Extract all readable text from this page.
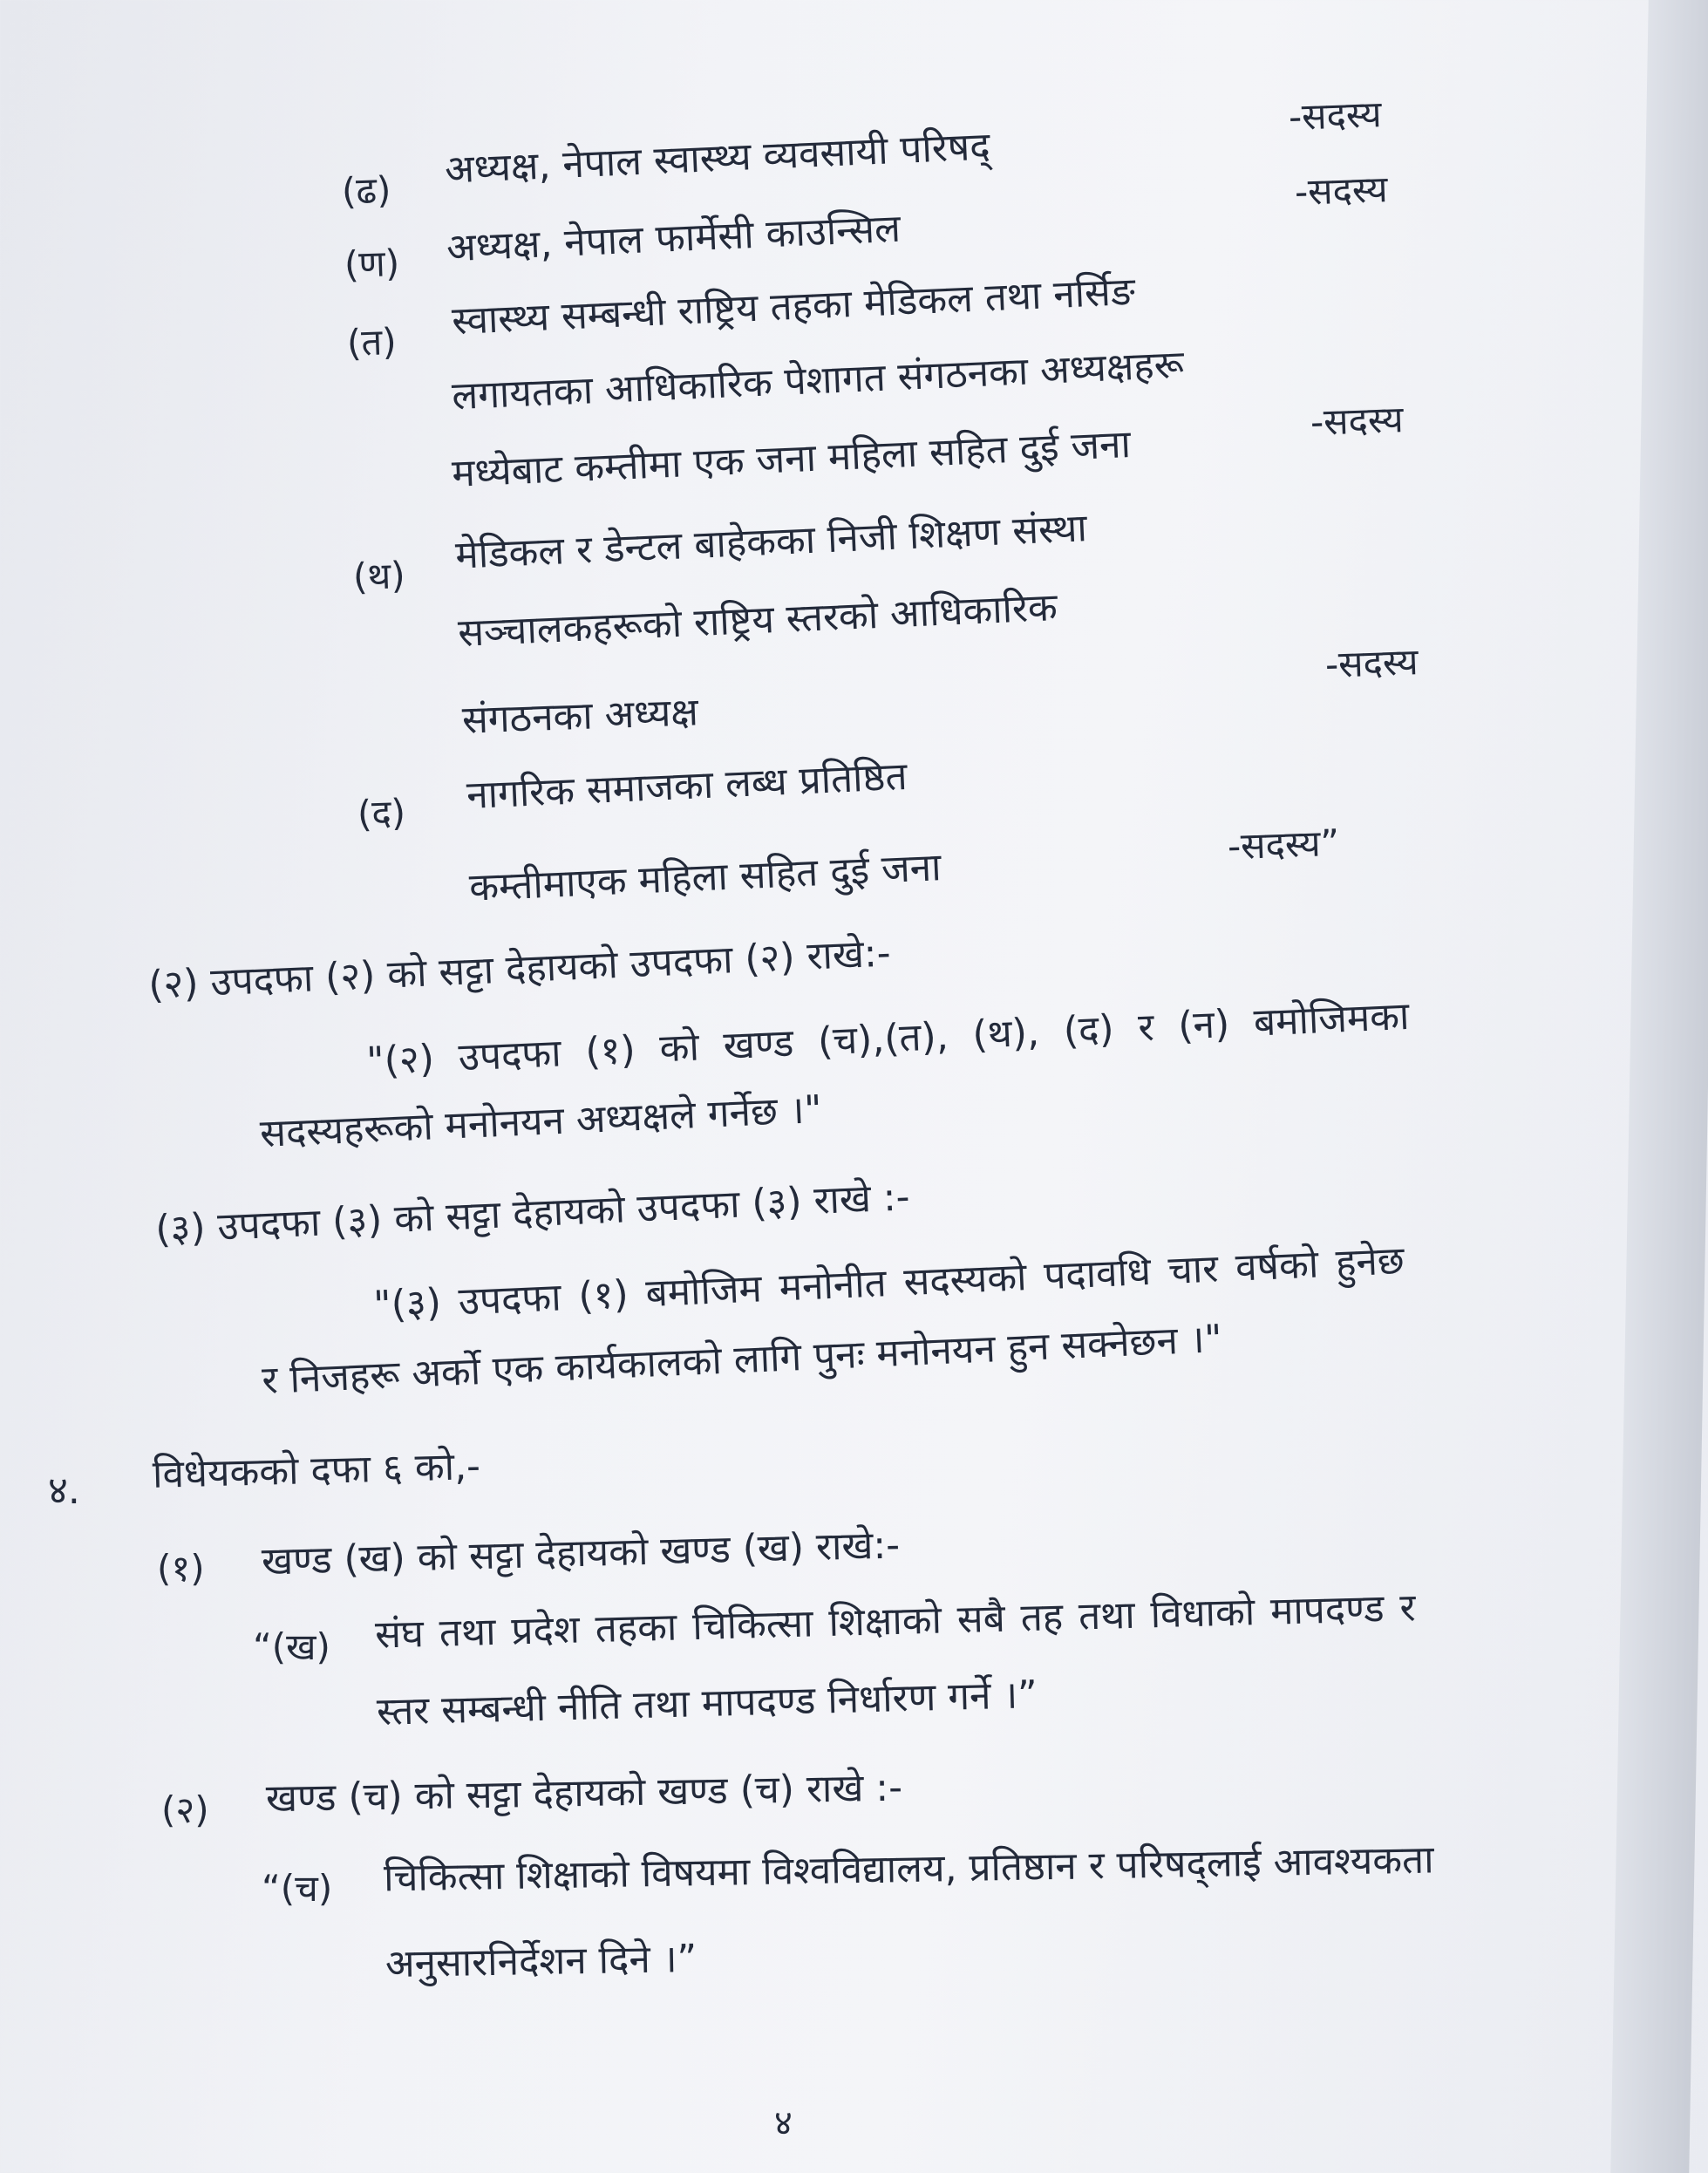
-सदस्य
(ढ) अध्यक्ष, नेपाल स्वास्थ्य व्यवसायी परिषद्	-सदस्य
(ण) अध्यक्ष, नेपाल फार्मेसी काउन्सिल
(त) स्वास्थ्य सम्बन्धी राष्ट्रिय तहका मेडिकल तथा नर्सिङ
लगायतका आधिकारिक पेशागत संगठनका अध्यक्षहरू
मध्येबाट कम्तीमा एक जना महिला सहित दुई जना
-सदस्य
(थ) मेडिकल र डेन्टल बाहेकका निजी शिक्षण संस्था
सञ्चालकहरूको राष्ट्रिय स्तरको आधिकारिक
संगठनका अध्यक्ष
-सदस्य
(द) नागरिक समाजका लब्ध प्रतिष्ठित
कम्तीमाएक महिला सहित दुई जना
-सदस्य”
(२) उपदफा (२) को सट्टा देहायको उपदफा (२) राखे:-
"(२) उपदफा (१) को खण्ड (च),(त), (थ), (द) र (न) बमोजिमका
सदस्यहरूको मनोनयन अध्यक्षले गर्नेछ ।"
(३) उपदफा (३) को सट्टा देहायको उपदफा (३) राखे :-
"(३) उपदफा (१) बमोजिम मनोनीत सदस्यको पदावधि चार वर्षको हुनेछ
र निजहरू अर्को एक कार्यकालको लागि पुनः मनोनयन हुन सक्नेछन ।"
४. विधेयकको दफा ६ को,-
(१) खण्ड (ख) को सट्टा देहायको खण्ड (ख) राखे:-
“(ख) संघ तथा प्रदेश तहका चिकित्सा शिक्षाको सबै तह तथा विधाको मापदण्ड र
स्तर सम्बन्धी नीति तथा मापदण्ड निर्धारण गर्ने ।”
(२) खण्ड (च) को सट्टा देहायको खण्ड (च) राखे :-
“(च) चिकित्सा शिक्षाको विषयमा विश्वविद्यालय, प्रतिष्ठान र परिषद्लाई आवश्यकता
अनुसारनिर्देशन दिने ।”
४
